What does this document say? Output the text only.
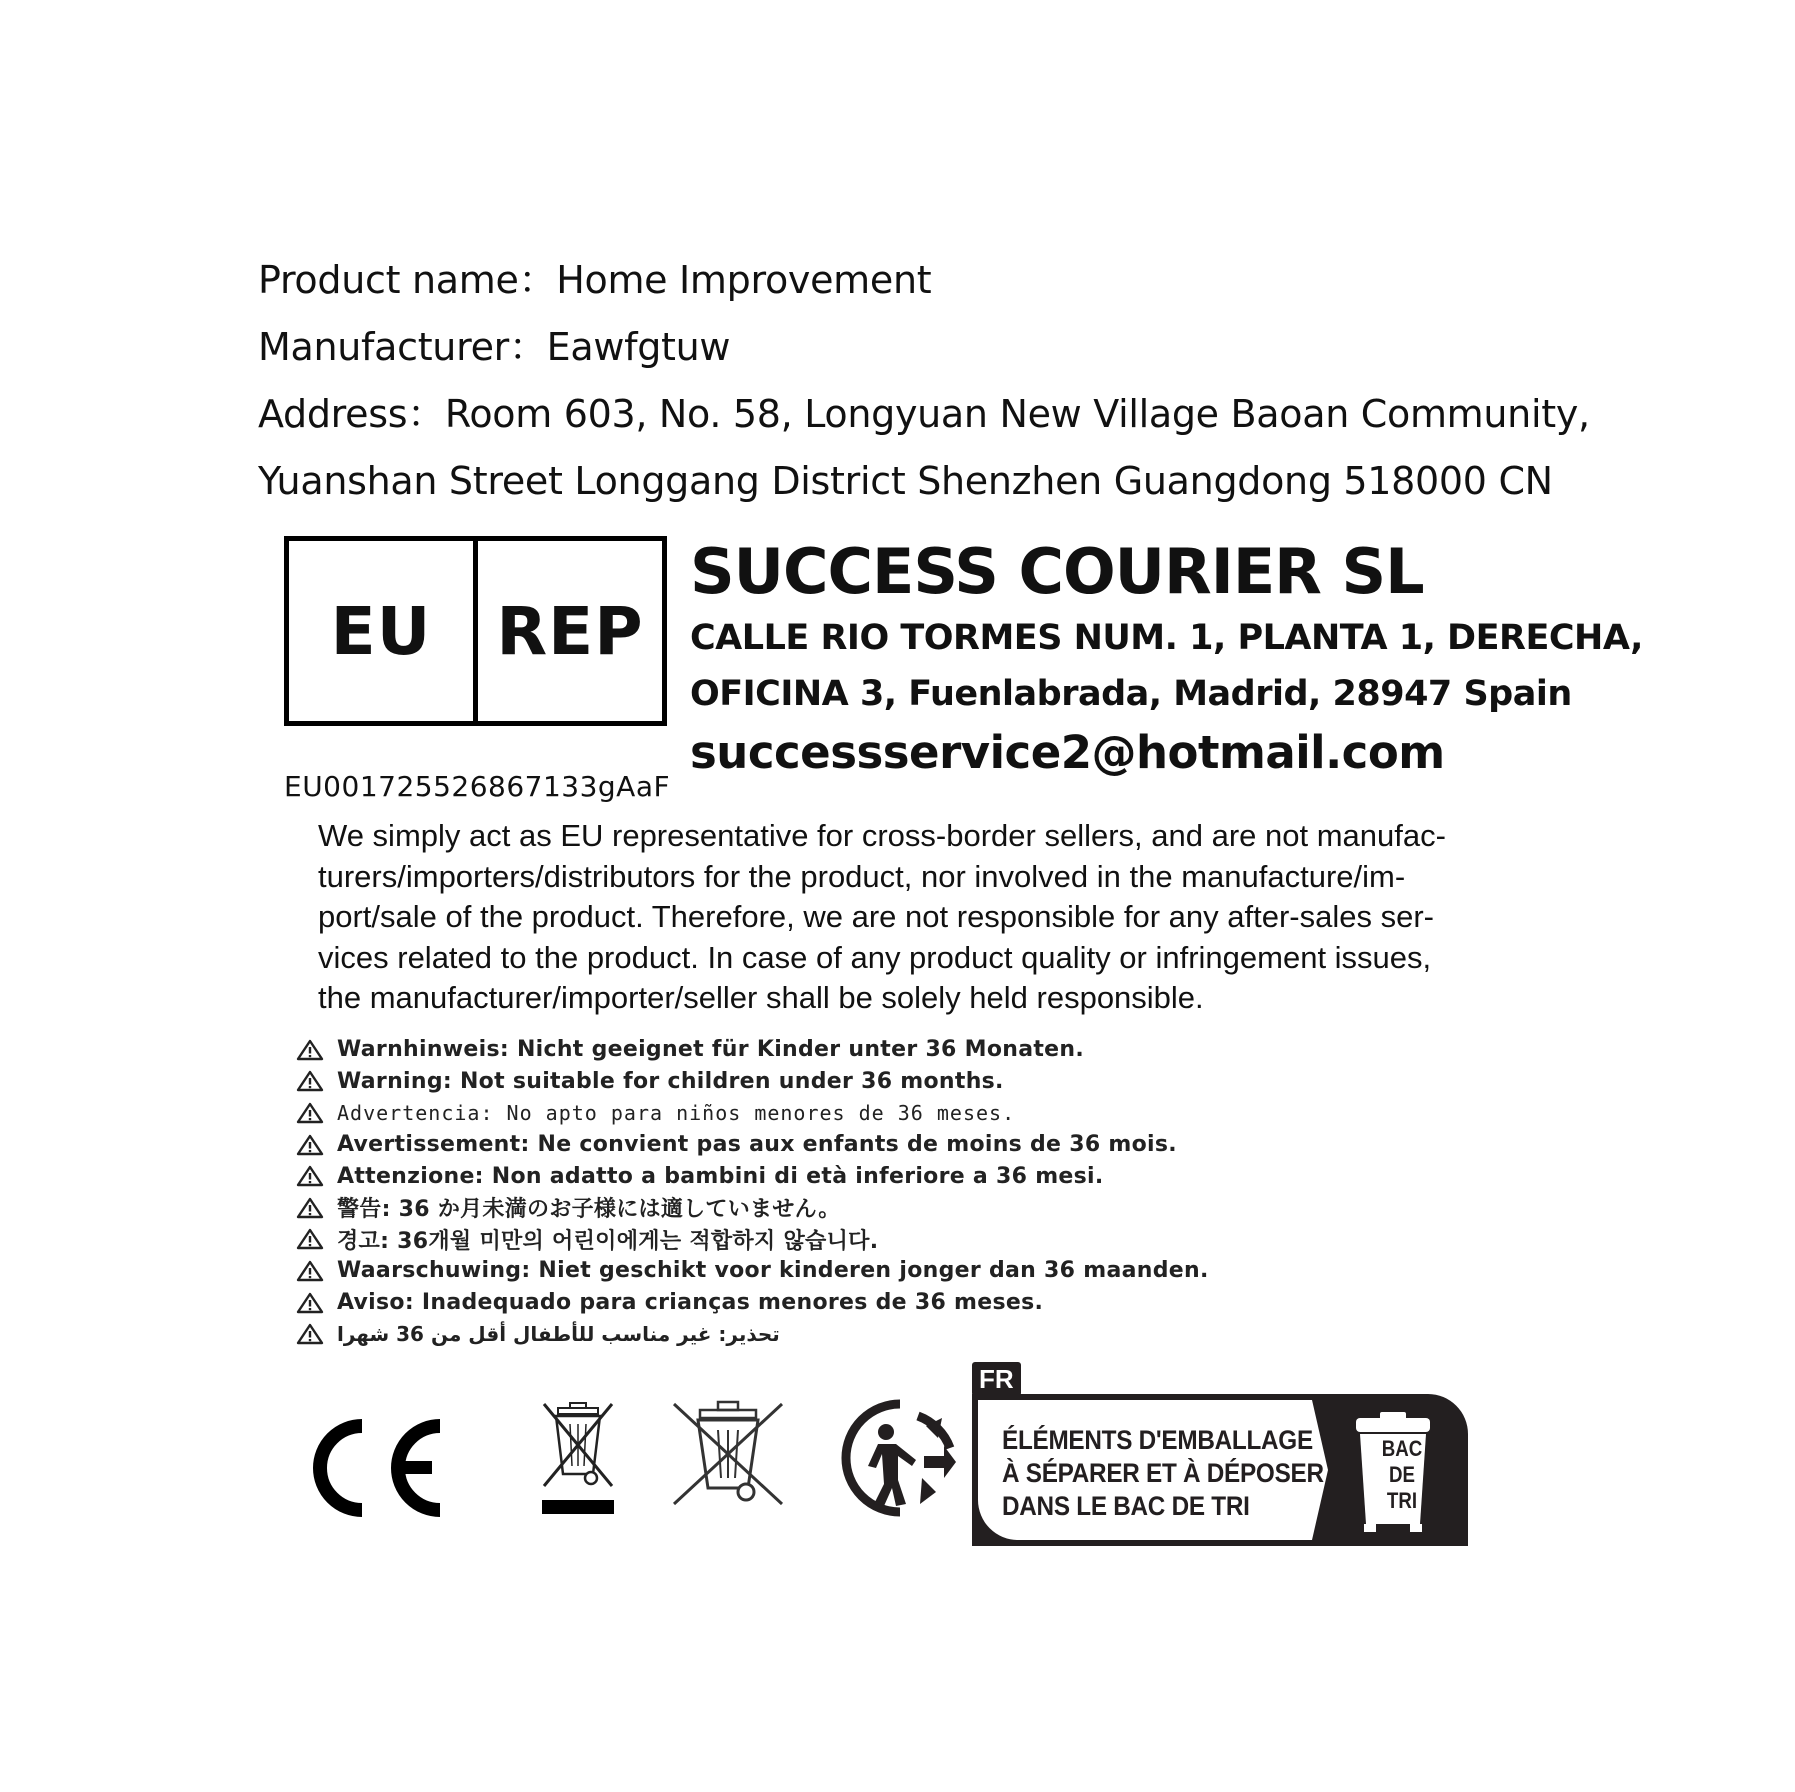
Product name：Home Improvement
Manufacturer：Eawfgtuw
Address：Room 603, No. 58, Longyuan New Village Baoan Community,
Yuanshan Street Longgang District Shenzhen Guangdong 518000 CN
EU REP
EU001725526867133gAaF
SUCCESS COURIER SL
CALLE RIO TORMES NUM. 1, PLANTA 1, DERECHA,
OFICINA 3, Fuenlabrada, Madrid, 28947 Spain
successservice2@hotmail.com
We simply act as EU representative for cross-border sellers, and are not manufac-
turers/importers/distributors for the product, nor involved in the manufacture/im-
port/sale of the product. Therefore, we are not responsible for any after-sales ser-
vices related to the product. In case of any product quality or infringement issues,
the manufacturer/importer/seller shall be solely held responsible.
Warnhinweis: Nicht geeignet für Kinder unter 36 Monaten.
Warning: Not suitable for children under 36 months.
Advertencia: No apto para niños menores de 36 meses.
Avertissement: Ne convient pas aux enfants de moins de 36 mois.
Attenzione: Non adatto a bambini di età inferiore a 36 mesi.
警告: 36 か月未満のお子様には適していません。
경고: 36개월 미만의 어린이에게는 적합하지 않습니다.
Waarschuwing: Niet geschikt voor kinderen jonger dan 36 maanden.
Aviso: Inadequado para crianças menores de 36 meses.
تحذير: غير مناسب للأطفال أقل من 36 شهرا
FR
ÉLÉMENTS D'EMBALLAGE
À SÉPARER ET À DÉPOSER
DANS LE BAC DE TRI
BAC
DE
TRI
